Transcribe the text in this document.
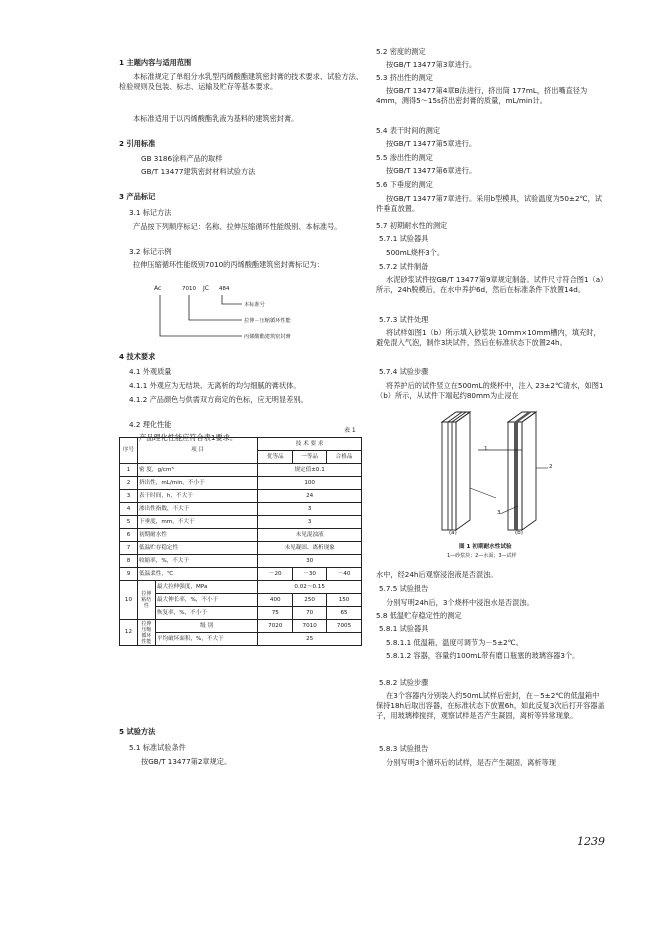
1 主题内容与适用范围
本标准规定了单组分水乳型丙烯酸酯建筑密封膏的技术要求、试验方法、检验规则及包装、标志、运输及贮存等基本要求。
本标准适用于以丙烯酸酯乳液为基料的建筑密封膏。
2 引用标准
GB 3186涂料产品的取样
GB/T 13477建筑密封材料试验方法
3 产品标记
3.1 标记方法
产品按下列顺序标记：名称、拉伸压缩循环性能级别、本标准号。
3.2 标记示例
拉伸压缩循环性能级别7010的丙烯酸酯建筑密封膏标记为：
Ac	7010 JC 484
本标准号
拉伸－压缩循环性能
丙烯酸酯建筑密封膏
4 技术要求
4.1 外观质量
4.1.1 外观应为无结块、无离析的均匀细腻的膏状体。
4.1.2 产品颜色与供需双方商定的色标，应无明显差别。
4.2 理化性能
产品理化性能应符合表1要求。
表 1
序号	项 目		技 术 要 求		
			优等品	一等品	合格品
1	密 度，g/cm³		规定值±0.1		
2	挤出性，mL/min，不小于		100		
3	表干时间，h，不大于		24		
4	渗出性指数，不大于		3		
5	下垂度，mm，不大于		3		
6	初期耐水性		未见混浊液		
7	低温贮存稳定性		未见凝固、离析现象		
8	收缩率，%，不大于		30		
9	低温柔性，℃		－20	－30	－40
10	拉伸粘结性	最大拉伸强度，MPa	0.02～0.15		
		最大伸长率，%，不小于	400	250	150
		恢复率，%，不小于	75	70	65
12	拉伸压缩循环性能	级 别	7020	7010	7005
		平均破坏面积，%，不大于	25		
5 试验方法
5.1 标准试验条件
按GB/T 13477第2章规定。
5.2 密度的测定
按GB/T 13477第3章进行。
5.3 挤出性的测定
按GB/T 13477第4章B法进行，挤出筒 177mL，挤出嘴直径为4mm，测得5～15s挤出密封膏的质量，mL/min计。
5.4 表干时间的测定
按GB/T 13477第5章进行。
5.5 渗出性的测定
按GB/T 13477第6章进行。
5.6 下垂度的测定
按GB/T 13477第7章进行。采用b型模具，试验温度为50±2℃，试件垂直放置。
5.7 初期耐水性的测定
5.7.1 试验器具
500mL烧杯3个。
5.7.2 试件制备
水泥砂浆试件按GB/T 13477第9章规定制备。试件尺寸符合图1（a）所示，24h脱模后，在水中养护6d，然后在标准条件下放置14d。
5.7.3 试件处理
将试样如图1（b）所示填入砂浆块 10mm×10mm槽内，填充时，避免混入气泡，制作3块试件，然后在标准状态下放置24h。
5.7.4 试验步骤
将养护后的试件竖立在500mL的烧杯中，注入 23±2℃清水，如图1（b）所示，从试件下端起约80mm为止浸在
(a)	(b)
1
2
3
图 1 初期耐水性试验
1—砂浆块；2—水面；3—试样
水中，经24h后观察浸泡液是否混浊。
5.7.5 试验报告
分别写明24h后，3个烧杯中浸泡水是否混浊。
5.8 低温贮存稳定性的测定
5.8.1 试验器具
5.8.1.1 低温箱，温度可调节为－5±2℃。
5.8.1.2 容器，容量约100mL带有磨口瓶塞的玻璃容器3个。
5.8.2 试验步骤
在3个容器内分别装入约50mL试样后密封，在－5±2℃的低温箱中保持18h后取出容器，在标准状态下放置6h，如此反复3次后打开容器盖子，用玻璃棒搅拌，观察试样是否产生凝固，离析等异常现象。
5.8.3 试验报告
分别写明3个循环后的试样，是否产生凝固、离析等现
1239
